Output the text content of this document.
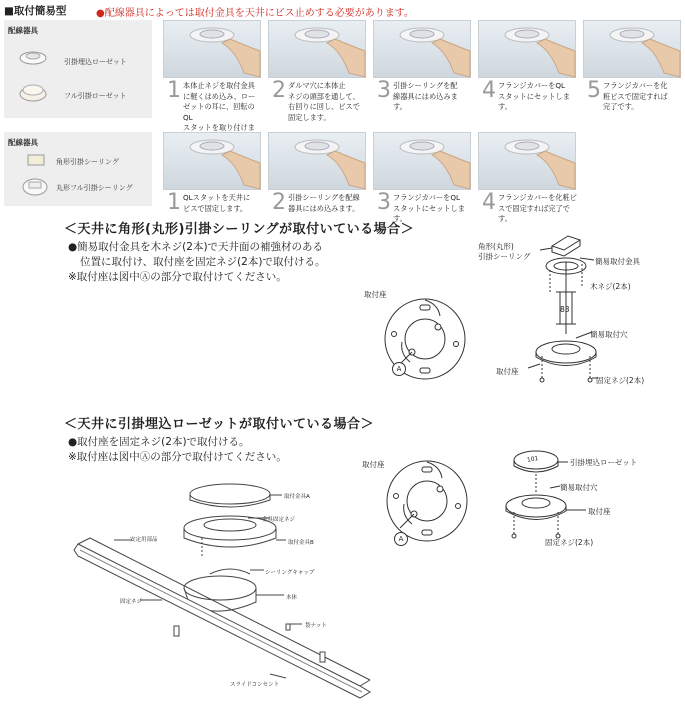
■取付簡易型	●配線器具によっては取付金具を天井にビス止めする必要があります。
配線器具
引掛埋込ローゼット
フル引掛ローゼット 1 本体止ネジを取付金具
に軽くはめ込み、ロー
ゼットの耳に、回転のQL
スタットを取り付けま
2 ダルマ穴に本体止
ネジの頭部を通して、
右回りに回し、ビスで
固定します。
3 引掛シーリングを配
線器具にはめ込みま
す。
4 フランジカバーをQL
スタットにセットします。
5 フランジカバーを化
粧ビスで固定すれば
完了です。
配線器具
角形引掛シーリング
丸形フル引掛シーリング
1 QLスタットを天井に
ビスで固定します。	2 引掛シーリングを配線
器具にはめ込みます。 3 フランジカバーをQL
スタットにセットします。
4 フランジカバーを化粧ビ
スで固定すれば完了です。
＜天井に角形(丸形)引掛シーリングが取付いている場合＞
●簡易取付金具を木ネジ(2本)で天井面の補強材のある
位置に取付け、取付座を固定ネジ(2本)で取付ける。
※取付座は図中Ⓐの部分で取付けてください。
取付座
A
角形(丸形)
引掛シーリング
簡易取付金具
木ネジ(2本)
83
簡易取付穴
取付座
固定ネジ(2本)
＜天井に引掛埋込ローゼットが取付いている場合＞
●取付座を固定ネジ(2本)で取付ける。
※取付座は図中Ⓐの部分で取付けてください。
取付座
A
引掛埋込ローゼット
簡易取付穴
取付座
固定ネジ(2本)
101
取付金具A
金具固定ネジ
取付金具B
安定用部品
シーリングキャップ
固定ネジ
本体
袋ナット
スライドコンセント
